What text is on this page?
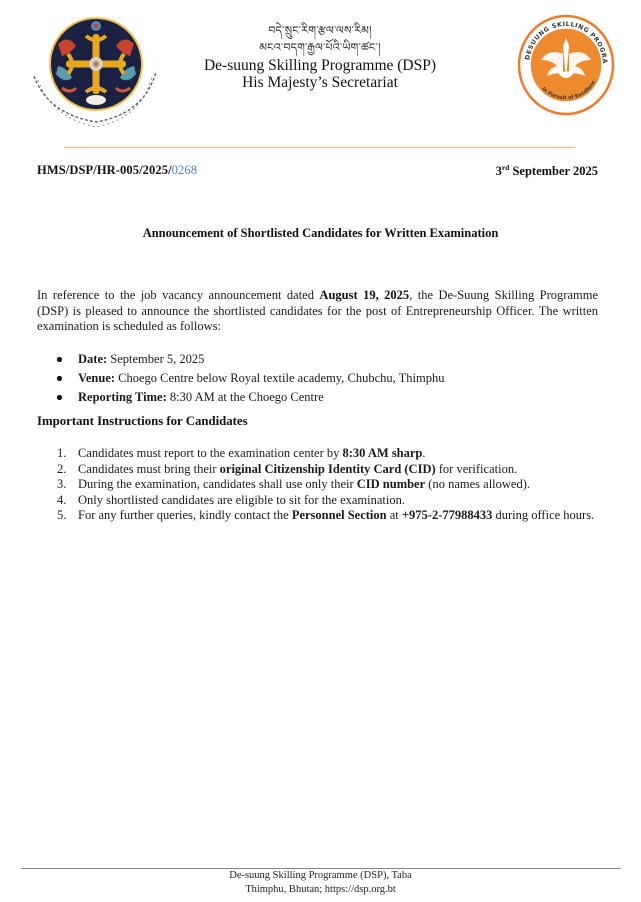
བདེ་སྲུང་རིག་རྩལ་ལས་རིམ།
མངའ་བདག་རྒྱལ་པོའི་ཡིག་ཚང་།
De-suung Skilling Programme (DSP)
His Majesty’s Secretariat
DESUUNG SKILLING PROGRA
In Pursuit of Excellenc
HMS/DSP/HR-005/2025/0268	3rd September 2025
Announcement of Shortlisted Candidates for Written Examination

In reference to the job vacancy announcement dated August 19, 2025, the De-Suung Skilling Programme (DSP) is pleased to announce the shortlisted candidates for the post of Entrepreneurship Officer. The written examination is scheduled as follows:

Date: September 5, 2025
Venue: Choego Centre below Royal textile academy, Chubchu, Thimphu
Reporting Time: 8:30 AM at the Choego Centre
Important Instructions for Candidates
1. Candidates must report to the examination center by 8:30 AM sharp.
2. Candidates must bring their original Citizenship Identity Card (CID) for verification.
3. During the examination, candidates shall use only their CID number (no names allowed).
4. Only shortlisted candidates are eligible to sit for the examination.
5. For any further queries, kindly contact the Personnel Section at +975-2-77988433 during office hours.
De-suung Skilling Programme (DSP), Taba
Thimphu, Bhutan; https://dsp.org.bt
